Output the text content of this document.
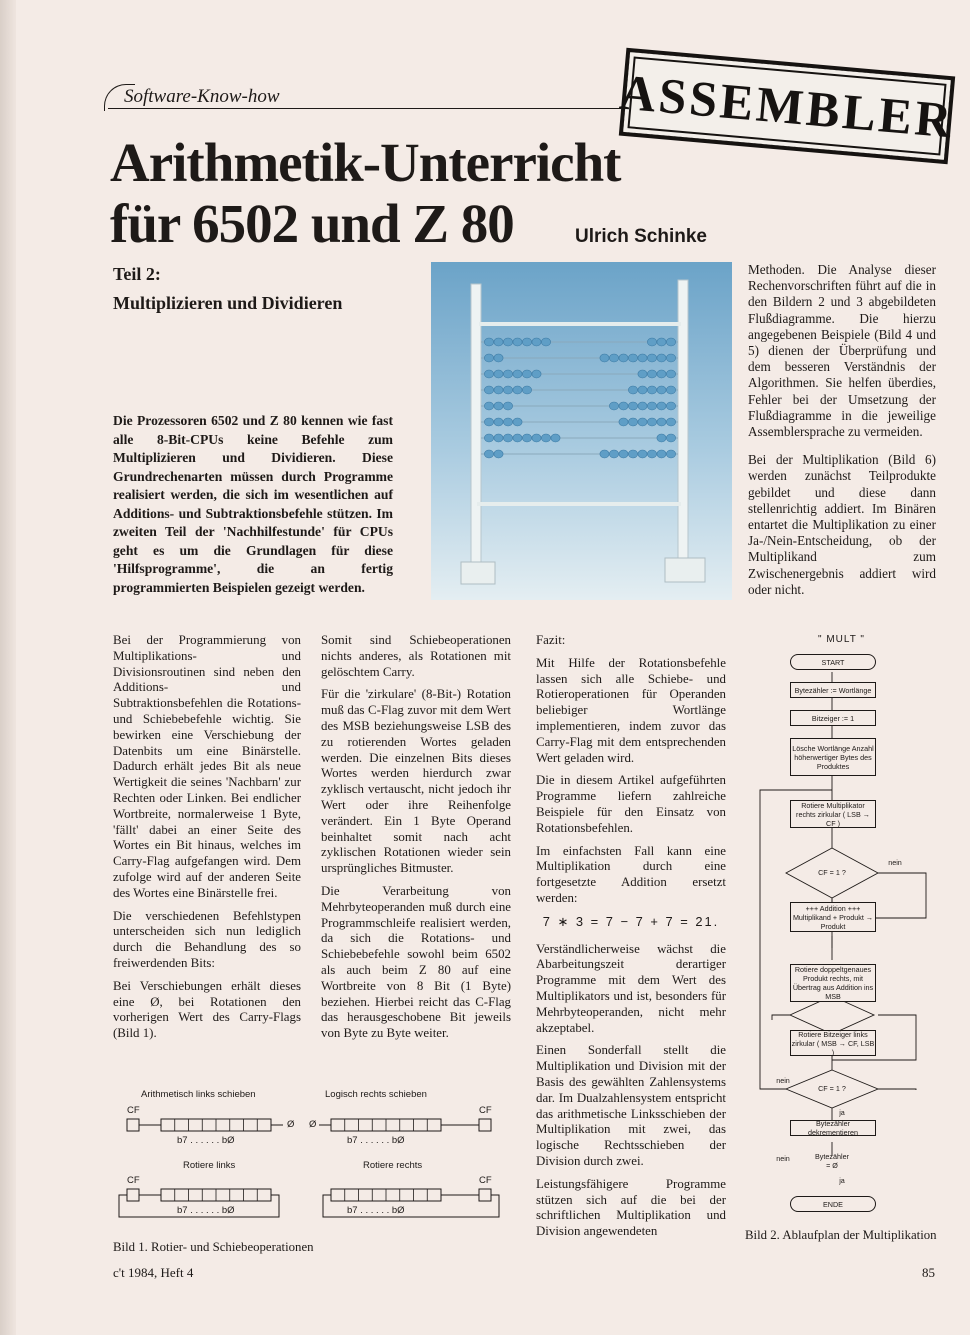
Software-Know-how	ASSEMBLER
Arithmetik-Unterricht
für 6502 und Z 80	Ulrich Schinke
Teil 2:
Multiplizieren und Dividieren
Die Prozessoren 6502 und Z 80 kennen wie fast alle 8-Bit-CPUs keine Befehle zum Multiplizieren und Dividieren. Diese Grundrechenarten müssen durch Programme realisiert werden, die sich im wesentlichen auf Additions- und Subtraktionsbefehle stützen. Im zweiten Teil der 'Nachhilfestunde' für CPUs geht es um die Grundlagen für diese 'Hilfsprogramme', die an fertig programmierten Beispielen gezeigt werden.

Methoden. Die Analyse dieser Rechenvorschriften führt auf die in den Bildern 2 und 3 abgebildeten Flußdiagramme. Die hierzu angegebenen Beispiele (Bild 4 und 5) dienen der Überprüfung und dem besseren Verständnis der Algorithmen. Sie helfen überdies, Fehler bei der Umsetzung der Flußdiagramme in die jeweilige Assemblersprache zu vermeiden.

Bei der Multiplikation (Bild 6) werden zunächst Teilprodukte gebildet und diese dann stellenrichtig addiert. Im Binären entartet die Multiplikation zu einer Ja-/Nein-Entscheidung, ob der Multiplikand zum Zwischenergebnis addiert wird oder nicht.

Bei der Programmierung von Multiplikations- und Divisionsroutinen sind neben den Additions- und Subtraktionsbefehlen die Rotations- und Schiebebefehle wichtig. Sie bewirken eine Verschiebung der Datenbits um eine Binärstelle. Dadurch erhält jedes Bit als neue Wertigkeit die seines 'Nachbarn' zur Rechten oder Linken. Bei endlicher Wortbreite, normalerweise 1 Byte, 'fällt' dabei an einer Seite des Wortes ein Bit hinaus, welches im Carry-Flag aufgefangen wird. Dem zufolge wird auf der anderen Seite des Wortes eine Binärstelle frei.

Die verschiedenen Befehlstypen unterscheiden sich nun lediglich durch die Behandlung des so freiwerdenden Bits:

Bei Verschiebungen erhält dieses eine Ø, bei Rotationen den vorherigen Wert des Carry-Flags (Bild 1).

Somit sind Schiebeoperationen nichts anderes, als Rotationen mit gelöschtem Carry.

Für die 'zirkulare' (8-Bit-) Rotation muß das C-Flag zuvor mit dem Wert des MSB beziehungsweise LSB des zu rotierenden Wortes geladen werden. Die einzelnen Bits dieses Wortes werden hierdurch zwar zyklisch vertauscht, nicht jedoch ihr Wert oder ihre Reihenfolge verändert. Ein 1 Byte Operand beinhaltet somit nach acht zyklischen Rotationen wieder sein ursprüngliches Bitmuster.

Die Verarbeitung von Mehrbyteoperanden muß durch eine Programmschleife realisiert werden, da sich die Rotations- und Schiebebefehle sowohl beim 6502 als auch beim Z 80 auf eine Wortbreite von 8 Bit (1 Byte) beziehen. Hierbei reicht das C-Flag das herausgeschobene Bit jeweils von Byte zu Byte weiter.

Fazit:

Mit Hilfe der Rotationsbefehle lassen sich alle Schiebe- und Rotieroperationen für Operanden beliebiger Wortlänge implementieren, indem zuvor das Carry-Flag mit dem entsprechenden Wert geladen wird.

Die in diesem Artikel aufgeführten Programme liefern zahlreiche Beispiele für den Einsatz von Rotationsbefehlen.

Im einfachsten Fall kann eine Multiplikation durch eine fortgesetzte Addition ersetzt werden:

7 ∗ 3 = 7 − 7 + 7 = 21.

Verständlicherweise wächst die Abarbeitungszeit derartiger Programme mit dem Wert des Multiplikators und ist, besonders für Mehrbyteoperanden, nicht mehr akzeptabel.

Einen Sonderfall stellt die Multiplikation und Division mit der Basis des gewählten Zahlensystems dar. Im Dualzahlensystem entspricht das arithmetische Linksschieben der Multiplikation mit zwei, das logische Rechtsschieben der Division durch zwei.

Leistungsfähigere Programme stützen sich auf die bei der schriftlichen Multiplikation und Division angewendeten

Arithmetisch links schieben	Logisch rechts schieben
Rotiere links	Rotiere rechts
CF
Ø
b7 . . . . . . bØ
CF
Ø
b7 . . . . . . bØ
CF
b7 . . . . . . bØ
CF
b7 . . . . . . bØ
Bild 1. Rotier- und Schiebeoperationen
" MULT "
START
Bytezähler := Wortlänge
Bitzeiger := 1
Lösche Wortlänge Anzahl höherwertiger Bytes des Produktes
Rotiere Multiplikator rechts zirkular ( LSB → CF )
CF = 1 ?
nein
+++ Addition +++ Multiplikand + Produkt → Produkt
Rotiere doppeltgenaues Produkt rechts, mit Übertrag aus Addition ins MSB
Rotiere Bitzeiger links zirkular ( MSB → CF, LSB )
CF = 1 ?
nein
ja
Bytezähler dekrementieren
Bytezähler = Ø
nein
ja
ENDE
Bild 2. Ablaufplan der Multiplikation
c't 1984, Heft 4	85
